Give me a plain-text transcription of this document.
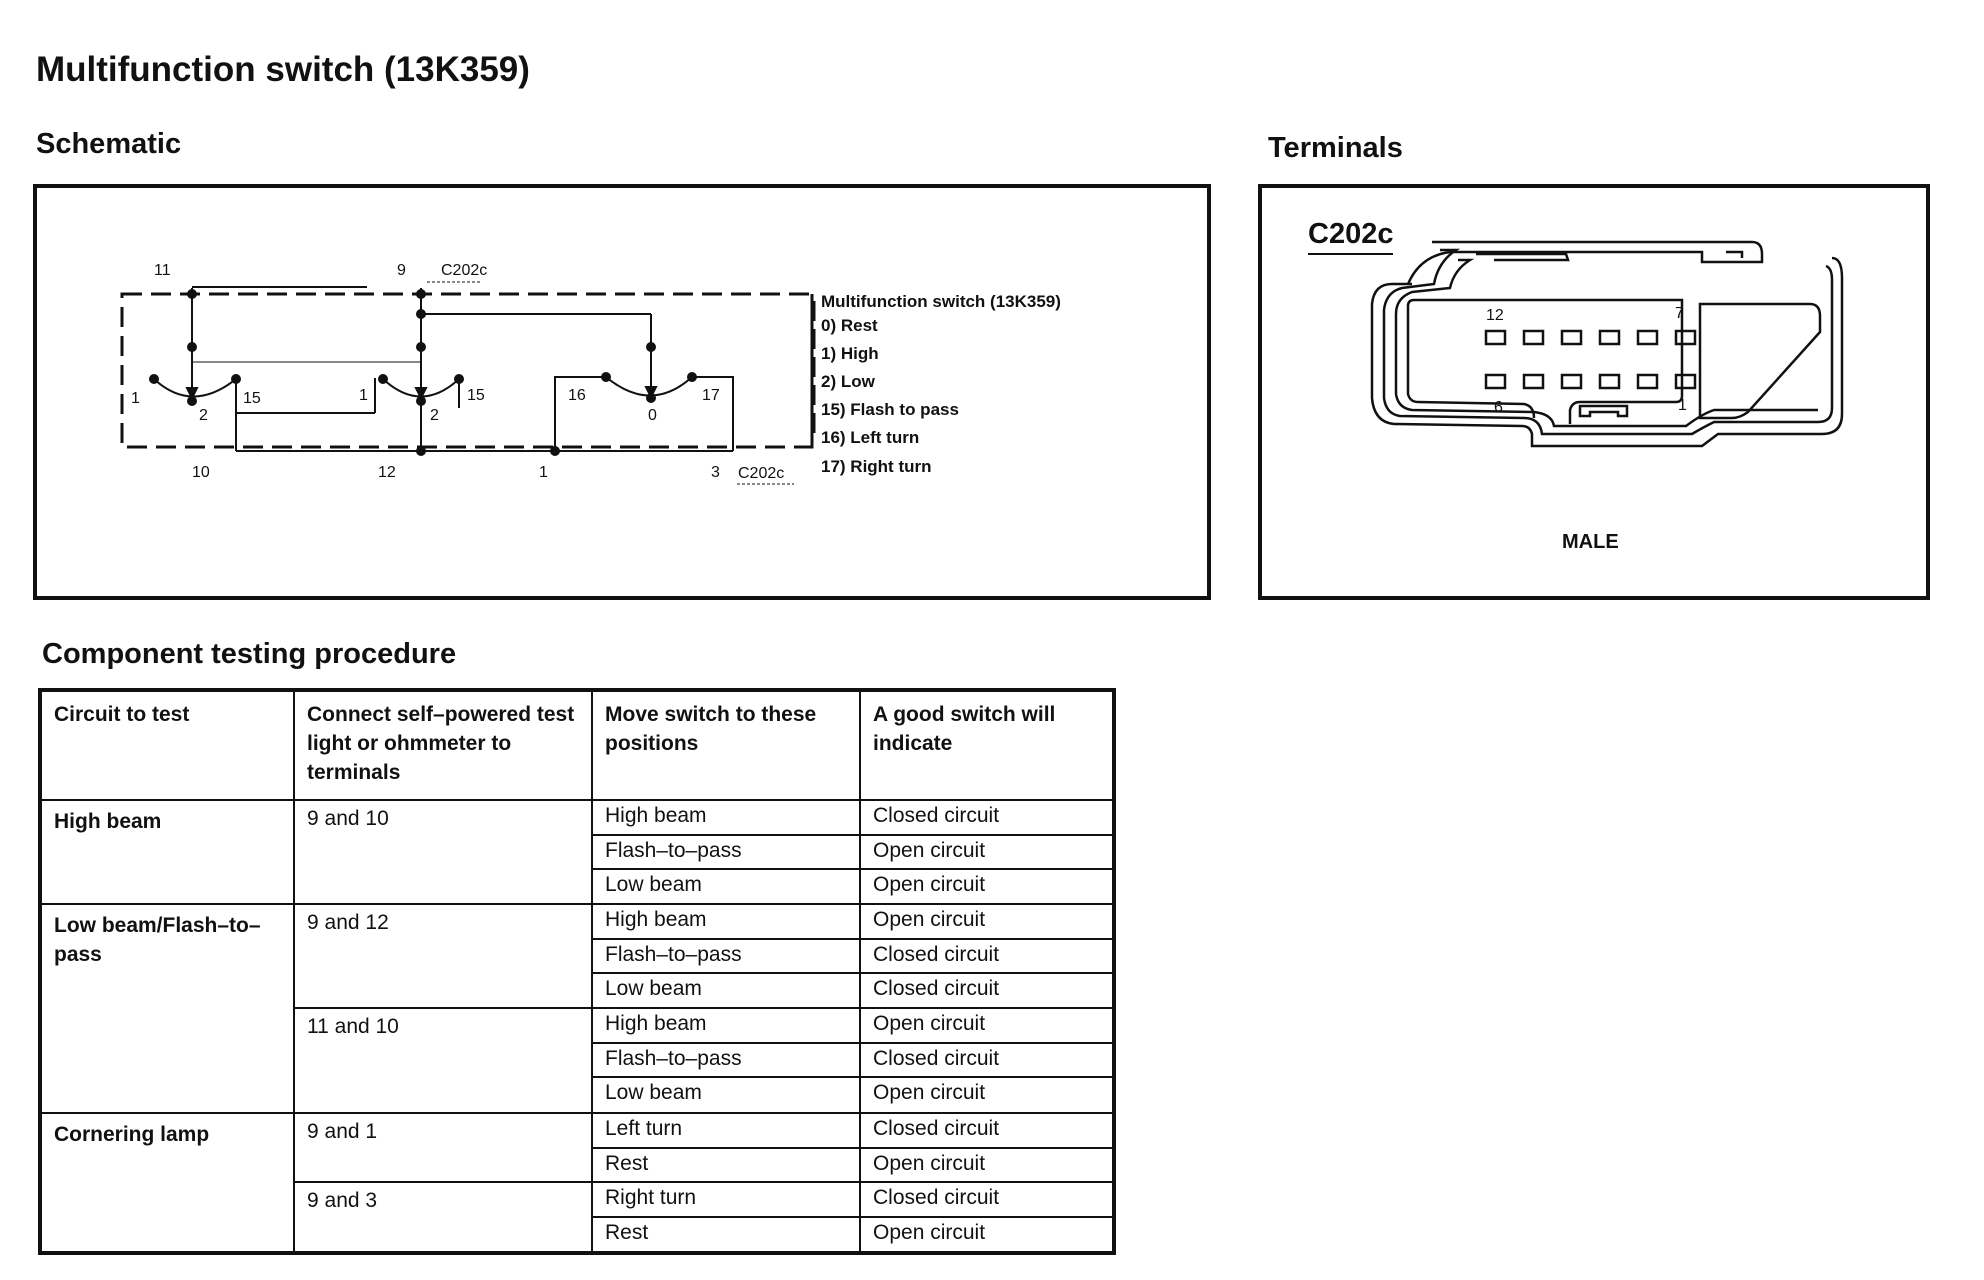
Multifunction switch (13K359)
Schematic
11	9 C202c
1
2
15	1
2
15	16
0
17
10	12	1	3 C202c
Multifunction switch (13K359)
0) Rest
1) High
2) Low
15) Flash to pass
16) Left turn
17) Right turn
Terminals
C202c
12	7
6	1
MALE
Component testing procedure
Circuit to test	Connect self–powered test light or ohmmeter to terminals	Move switch to these positions	A good switch will indicate
High beam	9 and 10	High beam	Closed circuit
		Flash–to–pass	Open circuit
		Low beam	Open circuit
Low beam/Flash–to–pass	9 and 12	High beam	Open circuit
		Flash–to–pass	Closed circuit
		Low beam	Closed circuit
	11 and 10	High beam	Open circuit
		Flash–to–pass	Closed circuit
		Low beam	Open circuit
Cornering lamp	9 and 1	Left turn	Closed circuit
		Rest	Open circuit
	9 and 3	Right turn	Closed circuit
		Rest	Open circuit
